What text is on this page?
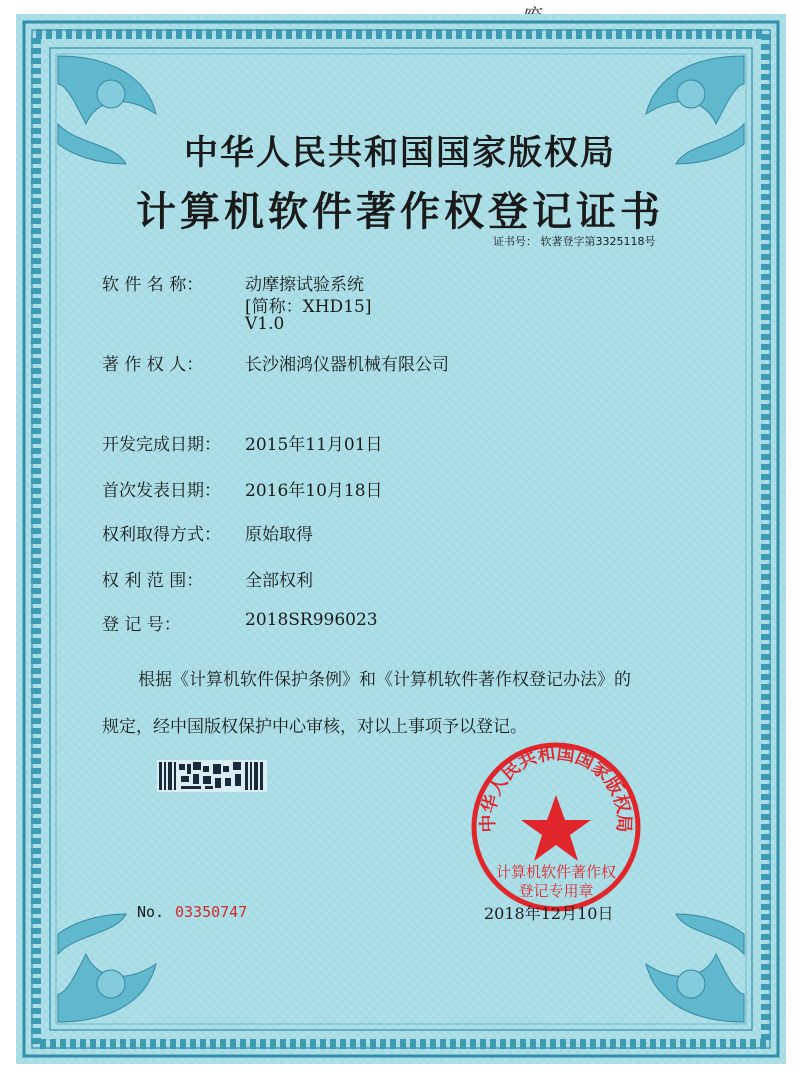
中华人民共和国国家版权局
计算机软件著作权登记证书
证书号： 软著登字第3325118号
软 件 名 称： 动摩擦试验系统
[简称：XHD15]
V1.0
著 作 权 人： 长沙湘鸿仪器机械有限公司
开发完成日期： 2015年11月01日
首次发表日期： 2016年10月18日
权利取得方式： 原始取得
权 利 范 围： 全部权利
登 记 号：	2018SR996023
根据《计算机软件保护条例》和《计算机软件著作权登记办法》的
规定，经中国版权保护中心审核，对以上事项予以登记。
中华人民共和国国家版权局
计算机软件著作权
登记专用章
No. 03350747	2018年12月10日
